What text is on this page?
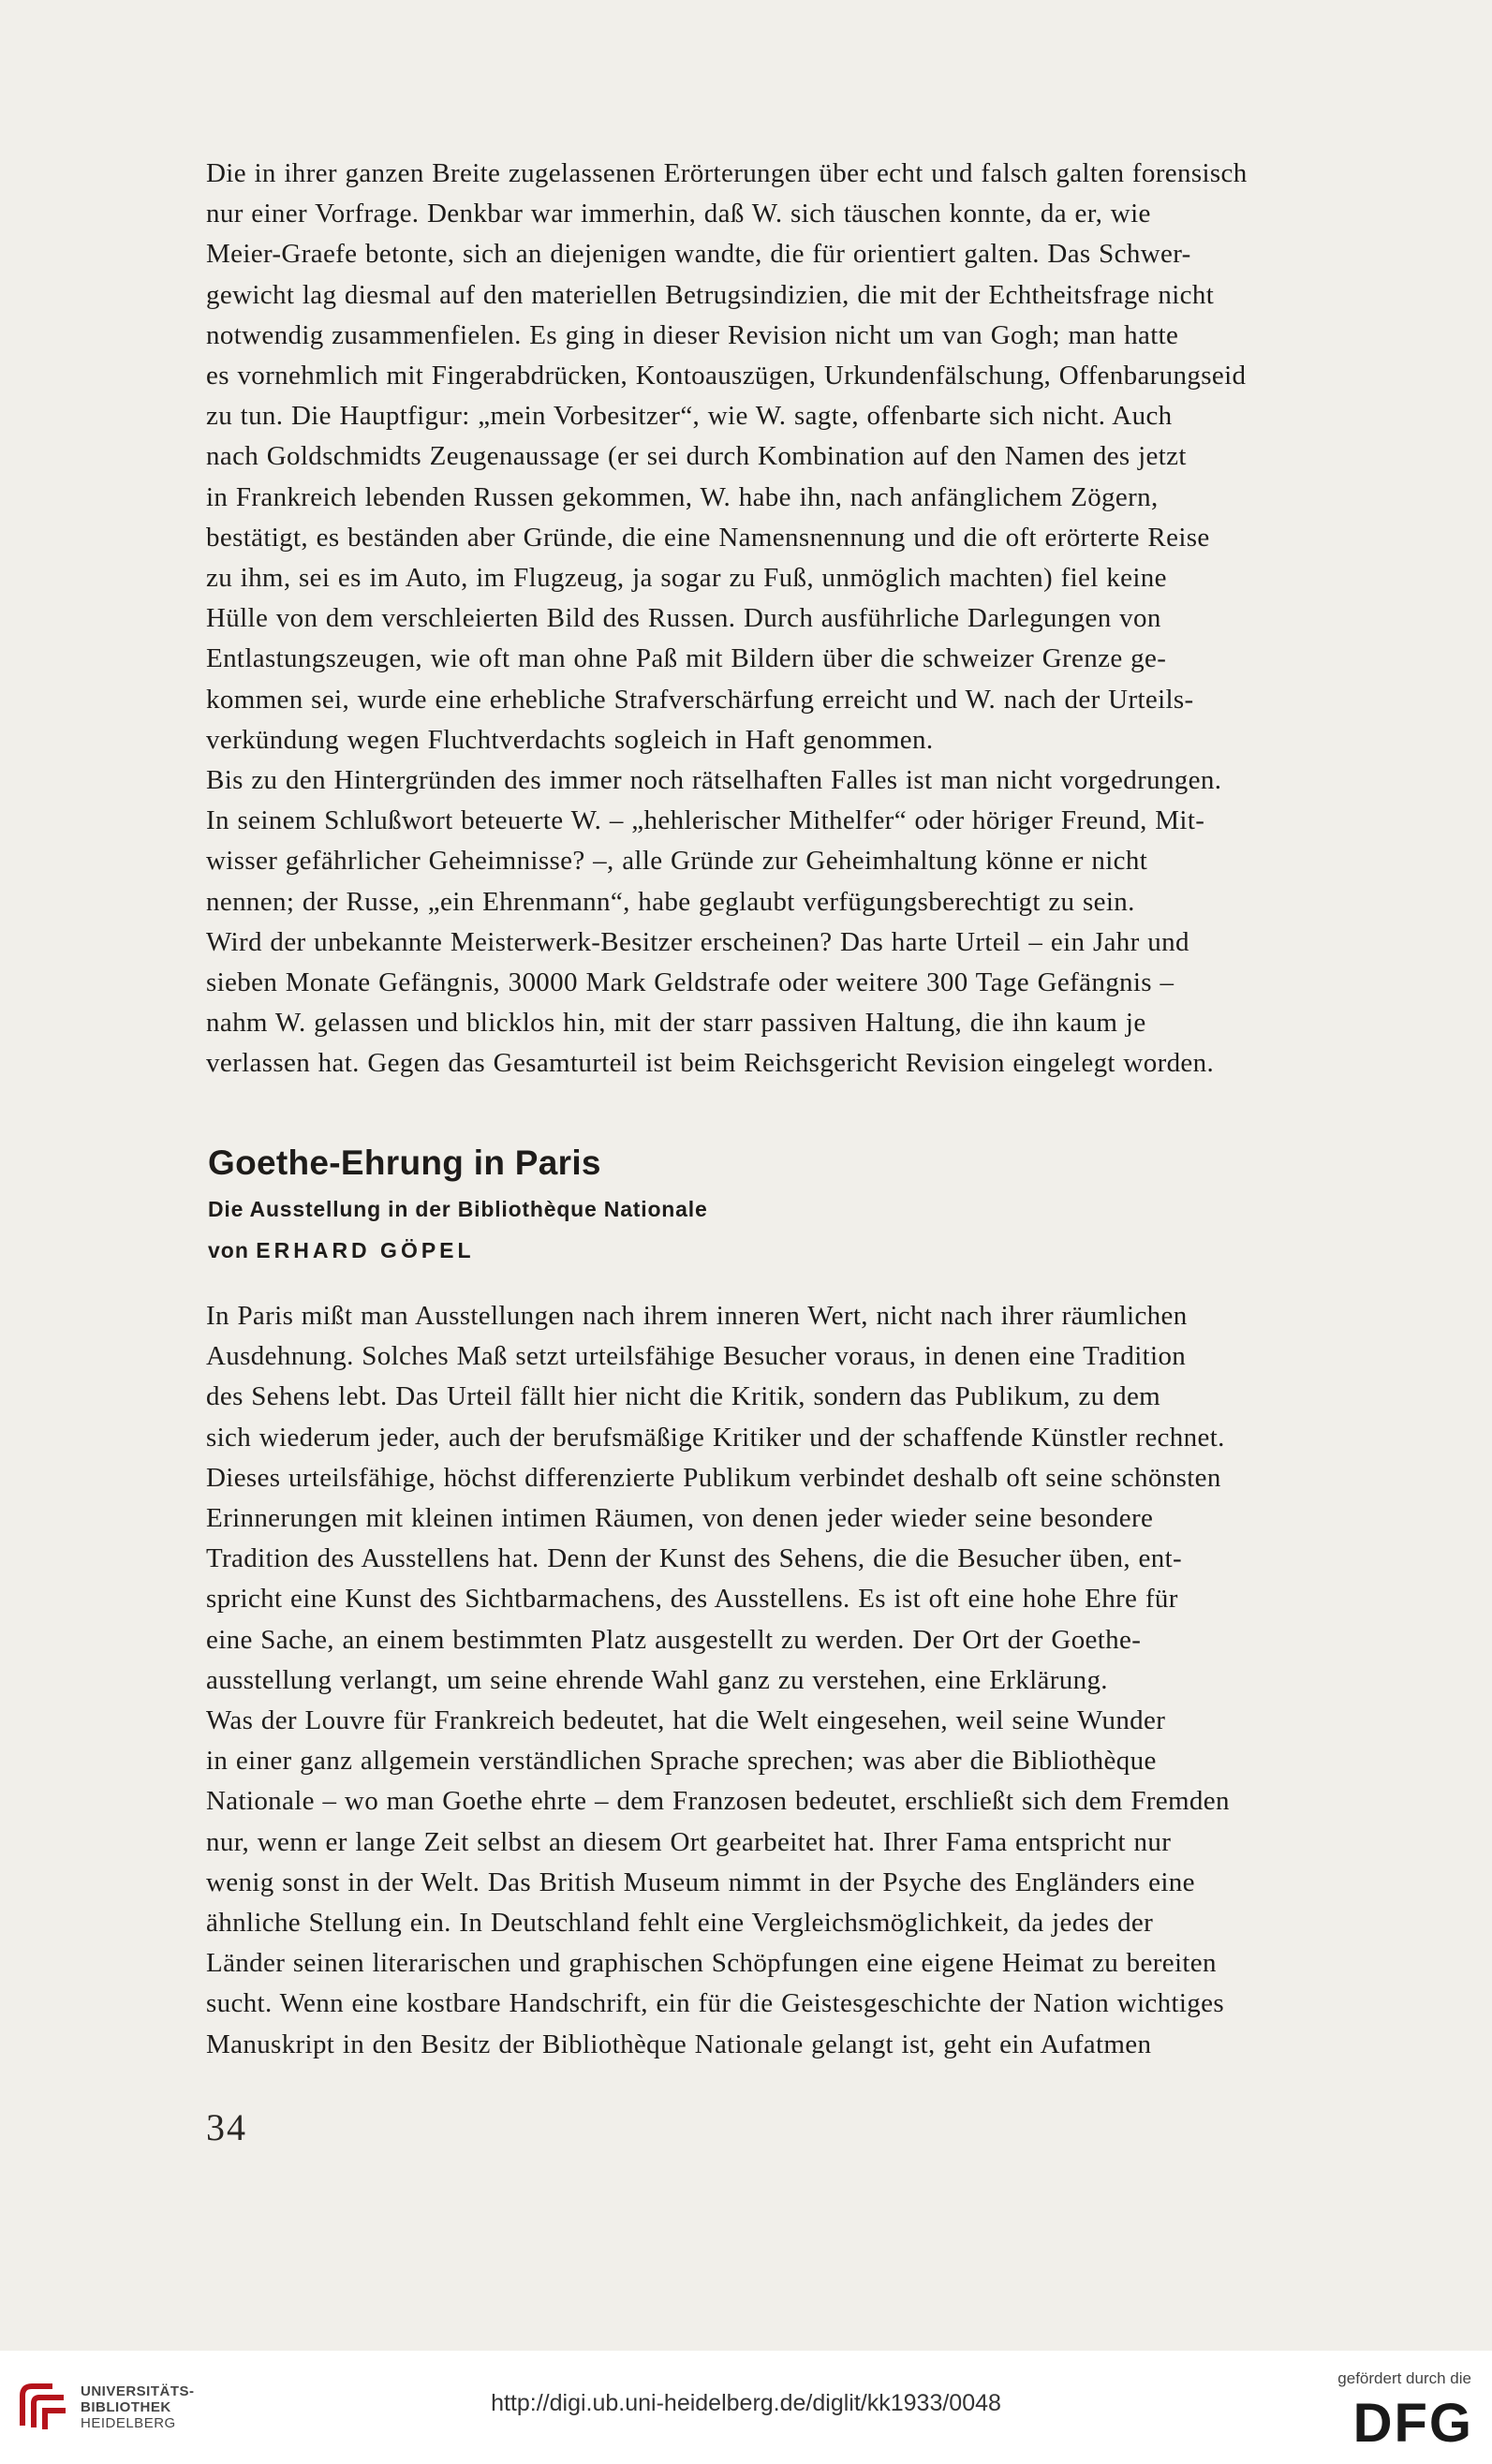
Die in ihrer ganzen Breite zugelassenen Erörterungen über echt und falsch galten forensisch
nur einer Vorfrage. Denkbar war immerhin, daß W. sich täuschen konnte, da er, wie
Meier-Graefe betonte, sich an diejenigen wandte, die für orientiert galten. Das Schwer-
gewicht lag diesmal auf den materiellen Betrugsindizien, die mit der Echtheitsfrage nicht
notwendig zusammenfielen. Es ging in dieser Revision nicht um van Gogh; man hatte
es vornehmlich mit Fingerabdrücken, Kontoauszügen, Urkundenfälschung, Offenbarungseid
zu tun. Die Hauptfigur: „mein Vorbesitzer“, wie W. sagte, offenbarte sich nicht. Auch
nach Goldschmidts Zeugenaussage (er sei durch Kombination auf den Namen des jetzt
in Frankreich lebenden Russen gekommen, W. habe ihn, nach anfänglichem Zögern,
bestätigt, es beständen aber Gründe, die eine Namensnennung und die oft erörterte Reise
zu ihm, sei es im Auto, im Flugzeug, ja sogar zu Fuß, unmöglich machten) fiel keine
Hülle von dem verschleierten Bild des Russen. Durch ausführliche Darlegungen von
Entlastungszeugen, wie oft man ohne Paß mit Bildern über die schweizer Grenze ge-
kommen sei, wurde eine erhebliche Strafverschärfung erreicht und W. nach der Urteils-
verkündung wegen Fluchtverdachts sogleich in Haft genommen.

Bis zu den Hintergründen des immer noch rätselhaften Falles ist man nicht vorgedrungen.
In seinem Schlußwort beteuerte W. – „hehlerischer Mithelfer“ oder höriger Freund, Mit-
wisser gefährlicher Geheimnisse? –, alle Gründe zur Geheimhaltung könne er nicht
nennen; der Russe, „ein Ehrenmann“, habe geglaubt verfügungsberechtigt zu sein.

Wird der unbekannte Meisterwerk-Besitzer erscheinen? Das harte Urteil – ein Jahr und
sieben Monate Gefängnis, 30000 Mark Geldstrafe oder weitere 300 Tage Gefängnis –
nahm W. gelassen und blicklos hin, mit der starr passiven Haltung, die ihn kaum je
verlassen hat. Gegen das Gesamturteil ist beim Reichsgericht Revision eingelegt worden.

Goethe-Ehrung in Paris
Die Ausstellung in der Bibliothèque Nationale

von ERHARD GÖPEL

In Paris mißt man Ausstellungen nach ihrem inneren Wert, nicht nach ihrer räumlichen
Ausdehnung. Solches Maß setzt urteilsfähige Besucher voraus, in denen eine Tradition
des Sehens lebt. Das Urteil fällt hier nicht die Kritik, sondern das Publikum, zu dem
sich wiederum jeder, auch der berufsmäßige Kritiker und der schaffende Künstler rechnet.
Dieses urteilsfähige, höchst differenzierte Publikum verbindet deshalb oft seine schönsten
Erinnerungen mit kleinen intimen Räumen, von denen jeder wieder seine besondere
Tradition des Ausstellens hat. Denn der Kunst des Sehens, die die Besucher üben, ent-
spricht eine Kunst des Sichtbarmachens, des Ausstellens. Es ist oft eine hohe Ehre für
eine Sache, an einem bestimmten Platz ausgestellt zu werden. Der Ort der Goethe-
ausstellung verlangt, um seine ehrende Wahl ganz zu verstehen, eine Erklärung.

Was der Louvre für Frankreich bedeutet, hat die Welt eingesehen, weil seine Wunder
in einer ganz allgemein verständlichen Sprache sprechen; was aber die Bibliothèque
Nationale – wo man Goethe ehrte – dem Franzosen bedeutet, erschließt sich dem Fremden
nur, wenn er lange Zeit selbst an diesem Ort gearbeitet hat. Ihrer Fama entspricht nur
wenig sonst in der Welt. Das British Museum nimmt in der Psyche des Engländers eine
ähnliche Stellung ein. In Deutschland fehlt eine Vergleichsmöglichkeit, da jedes der
Länder seinen literarischen und graphischen Schöpfungen eine eigene Heimat zu bereiten
sucht. Wenn eine kostbare Handschrift, ein für die Geistesgeschichte der Nation wichtiges
Manuskript in den Besitz der Bibliothèque Nationale gelangt ist, geht ein Aufatmen

34
UNIVERSITÄTS-
BIBLIOTHEK
HEIDELBERG
http://digi.ub.uni-heidelberg.de/diglit/kk1933/0048
gefördert durch die
DFG
